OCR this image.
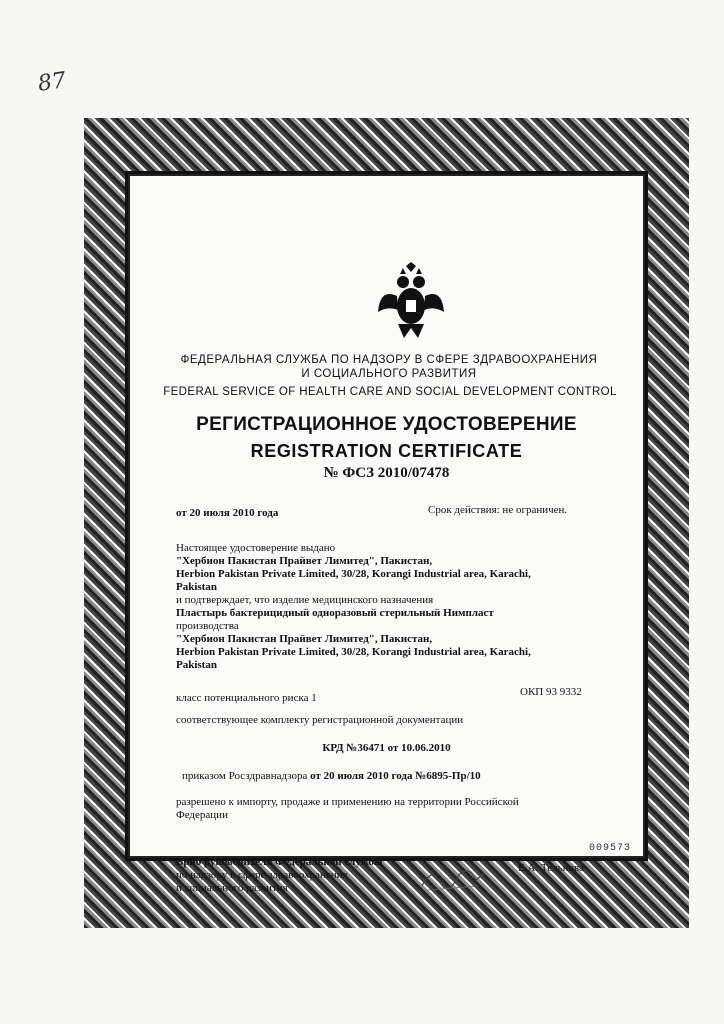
87
ФЕДЕРАЛЬНАЯ СЛУЖБА ПО НАДЗОРУ В СФЕРЕ ЗДРАВООХРАНЕНИЯ
И СОЦИАЛЬНОГО РАЗВИТИЯ
FEDERAL SERVICE OF HEALTH CARE AND SOCIAL DEVELOPMENT CONTROL
РЕГИСТРАЦИОННОЕ УДОСТОВЕРЕНИЕ
REGISTRATION CERTIFICATE
№ ФСЗ 2010/07478
от 20 июля 2010 года	Срок действия: не ограничен.
Настоящее удостоверение выдано
"Хербион Пакистан Прайвет Лимитед", Пакистан,
Herbion Pakistan Private Limited, 30/28, Korangi Industrial area, Karachi,
Pakistan
и подтверждает, что изделие медицинского назначения
Пластырь бактерицидный одноразовый стерильный Нимпласт
производства
"Хербион Пакистан Прайвет Лимитед", Пакистан,
Herbion Pakistan Private Limited, 30/28, Korangi Industrial area, Karachi,
Pakistan
класс потенциального риска 1	ОКП 93 9332
соответствующее комплекту регистрационной документации
КРД №36471 от 10.06.2010
приказом Росздравнадзора от 20 июля 2010 года №6895-Пр/10
разрешено к импорту, продаже и применению на территории Российской
Федерации
Врио руководителя Федеральной службы
по надзору в сфере здравоохранения
и социального развития
Е.А. Тельнова
009573
